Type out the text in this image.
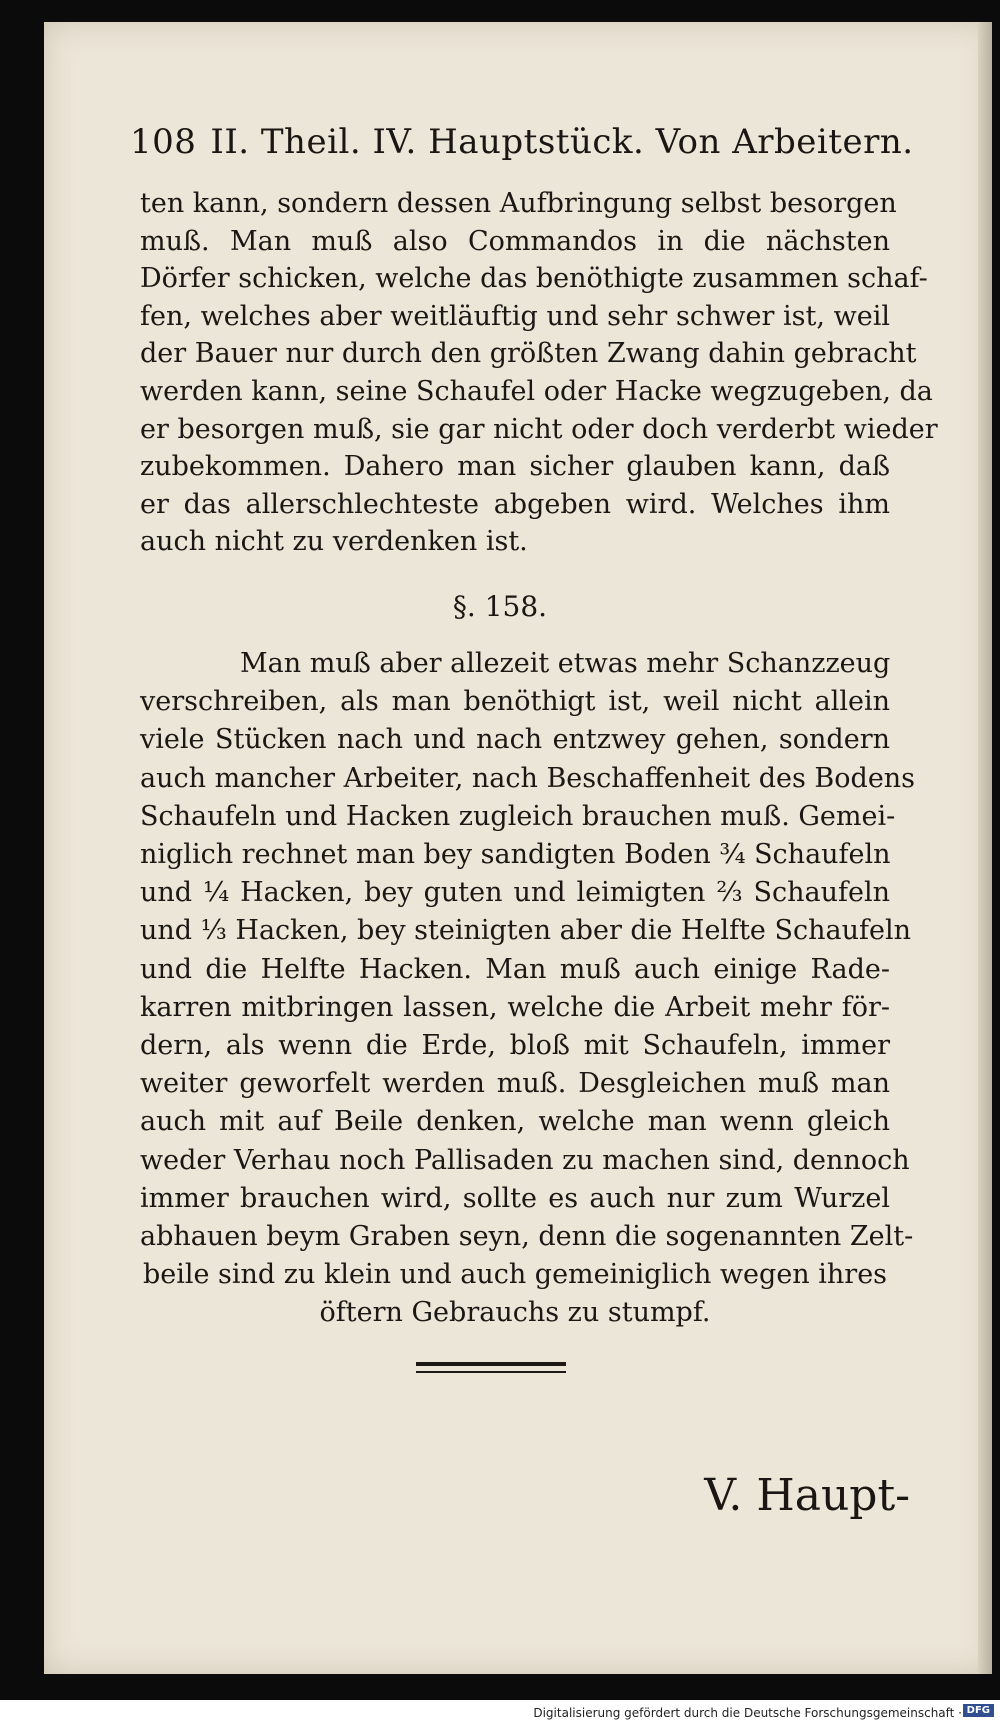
108 II. Theil. IV. Hauptstück. Von Arbeitern.
ten kann, sondern dessen Aufbringung selbst besorgen
muß. Man muß also Commandos in die nächsten
Dörfer schicken, welche das benöthigte zusammen schaf-
fen, welches aber weitläuftig und sehr schwer ist, weil
der Bauer nur durch den größten Zwang dahin gebracht
werden kann, seine Schaufel oder Hacke wegzugeben, da
er besorgen muß, sie gar nicht oder doch verderbt wieder
zubekommen. Dahero man sicher glauben kann, daß
er das allerschlechteste abgeben wird. Welches ihm
auch nicht zu verdenken ist.
§. 158.
Man muß aber allezeit etwas mehr Schanzzeug
verschreiben, als man benöthigt ist, weil nicht allein
viele Stücken nach und nach entzwey gehen, sondern
auch mancher Arbeiter, nach Beschaffenheit des Bodens
Schaufeln und Hacken zugleich brauchen muß. Gemei-
niglich rechnet man bey sandigten Boden ¾ Schaufeln
und ¼ Hacken, bey guten und leimigten ⅔ Schaufeln
und ⅓ Hacken, bey steinigten aber die Helfte Schaufeln
und die Helfte Hacken. Man muß auch einige Rade-
karren mitbringen lassen, welche die Arbeit mehr för-
dern, als wenn die Erde, bloß mit Schaufeln, immer
weiter geworfelt werden muß. Desgleichen muß man
auch mit auf Beile denken, welche man wenn gleich
weder Verhau noch Pallisaden zu machen sind, dennoch
immer brauchen wird, sollte es auch nur zum Wurzel
abhauen beym Graben seyn, denn die sogenannten Zelt-
beile sind zu klein und auch gemeiniglich wegen ihres
öftern Gebrauchs zu stumpf.
V. Haupt-
Digitalisierung gefördert durch die Deutsche Forschungsgemeinschaft · DFG
